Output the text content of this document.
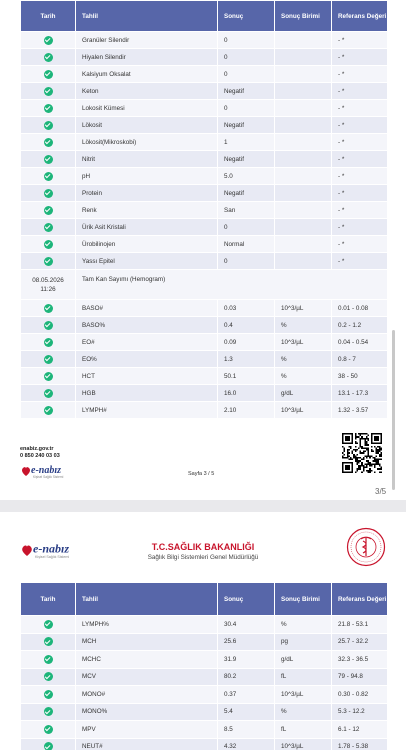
Tarih	Tahlil	Sonuç	Sonuç Birimi	Referans Değeri
	Granüler Silendir	0		- *
	Hiyalen Silendir	0		- *
	Kalsiyum Oksalat	0		- *
	Keton	Negatif		- *
	Lokosit Kümesi	0		- *
	Lökosit	Negatif		- *
	Lökosit(Mikroskobi)	1		- *
	Nitrit	Negatif		- *
	pH	5.0		- *
	Protein	Negatif		- *
	Renk	Sarı		- *
	Ürik Asit Kristali	0		- *
	Ürobilinojen	Normal		- *
	Yassı Epitel	0		- *

08.05.2026
11:26	Tam Kan Sayımı (Hemogram)			
	BASO#	0.03	10^3/µL	0.01 - 0.08
	BASO%	0.4	%	0.2 - 1.2
	EO#	0.09	10^3/µL	0.04 - 0.54
	EO%	1.3	%	0.8 - 7
	HCT	50.1	%	38 - 50
	HGB	16.0	g/dL	13.1 - 17.3
	LYMPH#	2.10	10^3/µL	1.32 - 3.57
enabiz.gov.tr
0 850 240 03 03
e-nabız
Kişisel Sağlık Sistemi	Sayfa 3 / 5
3/5
e-nabız
Kişisel Sağlık Sistemi
T.C.SAĞLIK BAKANLIĞI
Sağlık Bilgi Sistemleri Genel Müdürlüğü
Tarih	Tahlil	Sonuç	Sonuç Birimi	Referans Değeri
	LYMPH%	30.4	%	21.8 - 53.1
	MCH	25.6	pg	25.7 - 32.2
	MCHC	31.9	g/dL	32.3 - 36.5
	MCV	80.2	fL	79 - 94.8
	MONO#	0.37	10^3/µL	0.30 - 0.82
	MONO%	5.4	%	5.3 - 12.2
	MPV	8.5	fL	6.1 - 12
	NEUT#	4.32	10^3/µL	1.78 - 5.38
